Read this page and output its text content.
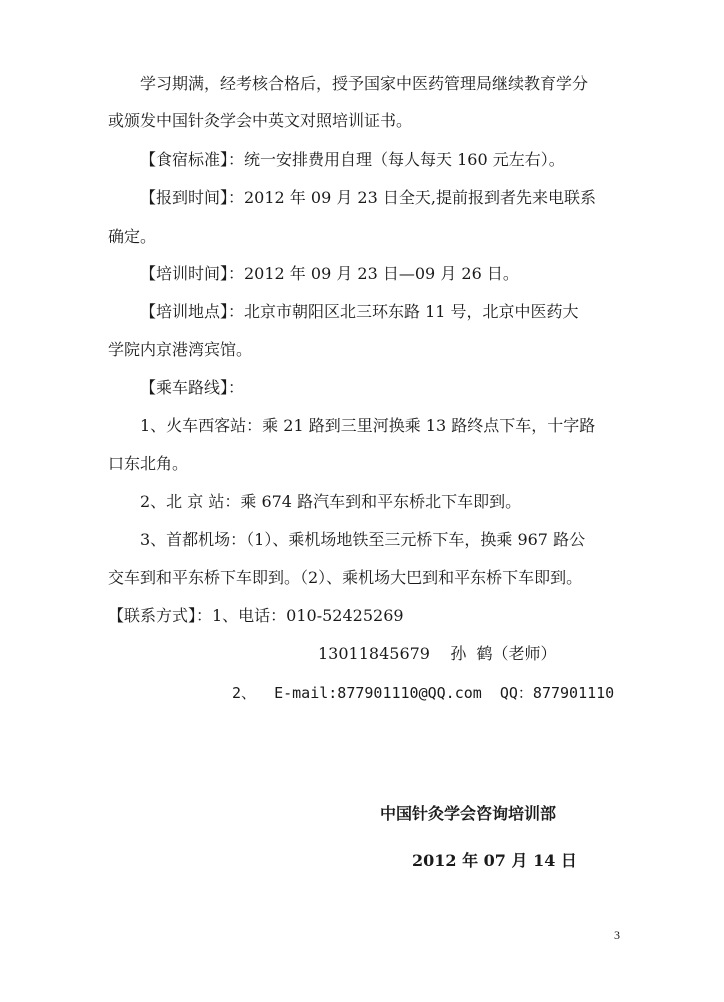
学习期满，经考核合格后，授予国家中医药管理局继续教育学分
或颁发中国针灸学会中英文对照培训证书。
【食宿标准】：统一安排费用自理（每人每天 160 元左右）。
【报到时间】：2012 年 09 月 23 日全天,提前报到者先来电联系
确定。
【培训时间】：2012 年 09 月 23 日—09 月 26 日。
【培训地点】：北京市朝阳区北三环东路 11 号，北京中医药大
学院内京港湾宾馆。
【乘车路线】：
1、火车西客站：乘 21 路到三里河换乘 13 路终点下车，十字路
口东北角。
2、北 京 站：乘 674 路汽车到和平东桥北下车即到。
3、首都机场：（1）、乘机场地铁至三元桥下车，换乘 967 路公
交车到和平东桥下车即到。（2）、乘机场大巴到和平东桥下车即到。
【联系方式】：1、电话：010-52425269
13011845679    孙  鹤（老师）
2、  E-mail:877901110@QQ.com  QQ：877901110
中国针灸学会咨询培训部
2012 年 07 月 14 日
3
